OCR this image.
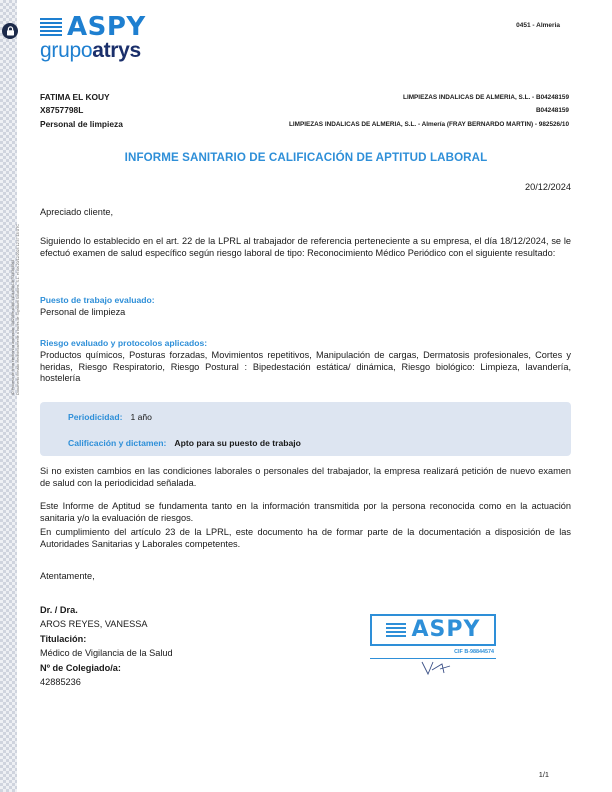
ID Proceso de firma electrónica avanzada: 438235fe-a460-411d-b584-8f7f23f303063 Documento firmado electrónicamente a través de Signaturit Solutions, S.L. el día 20/12/2024 12:47:18 UTC
ASPY
grupoatrys
0451 - Almeria
FATIMA EL KOUY
X8757798L
Personal de limpieza
LIMPIEZAS INDALICAS DE ALMERIA, S.L. - B04248159
B04248159
LIMPIEZAS INDALICAS DE ALMERIA, S.L. - Almería (FRAY BERNARDO MARTIN) - 982526/10
INFORME SANITARIO DE CALIFICACIÓN DE APTITUD LABORAL
20/12/2024
Apreciado cliente,
Siguiendo lo establecido en el art. 22 de la LPRL al trabajador de referencia perteneciente a su empresa, el día 18/12/2024, se le efectuó examen de salud específico según riesgo laboral de tipo: Reconocimiento Médico Periódico con el siguiente resultado:
Puesto de trabajo evaluado:
Personal de limpieza
Riesgo evaluado y protocolos aplicados:
Productos químicos, Posturas forzadas, Movimientos repetitivos, Manipulación de cargas, Dermatosis profesionales, Cortes y heridas, Riesgo Respiratorio, Riesgo Postural : Bipedestación estática/ dinámica, Riesgo biológico: Limpieza, lavandería, hostelería
Periodicidad: 1 año
Calificación y dictamen: Apto para su puesto de trabajo
Si no existen cambios en las condiciones laborales o personales del trabajador, la empresa realizará petición de nuevo examen de salud con la periodicidad señalada.
Este Informe de Aptitud se fundamenta tanto en la información transmitida por la persona reconocida como en la actuación sanitaria y/o la evaluación de riesgos.
En cumplimiento del artículo 23 de la LPRL, este documento ha de formar parte de la documentación a disposición de las Autoridades Sanitarias y Laborales competentes.
Atentamente,
Dr. / Dra.
AROS REYES, VANESSA
Titulación:
Médico de Vigilancia de la Salud
Nº de Colegiado/a:
42885236
ASPY
CIF B-98844574
1/1
